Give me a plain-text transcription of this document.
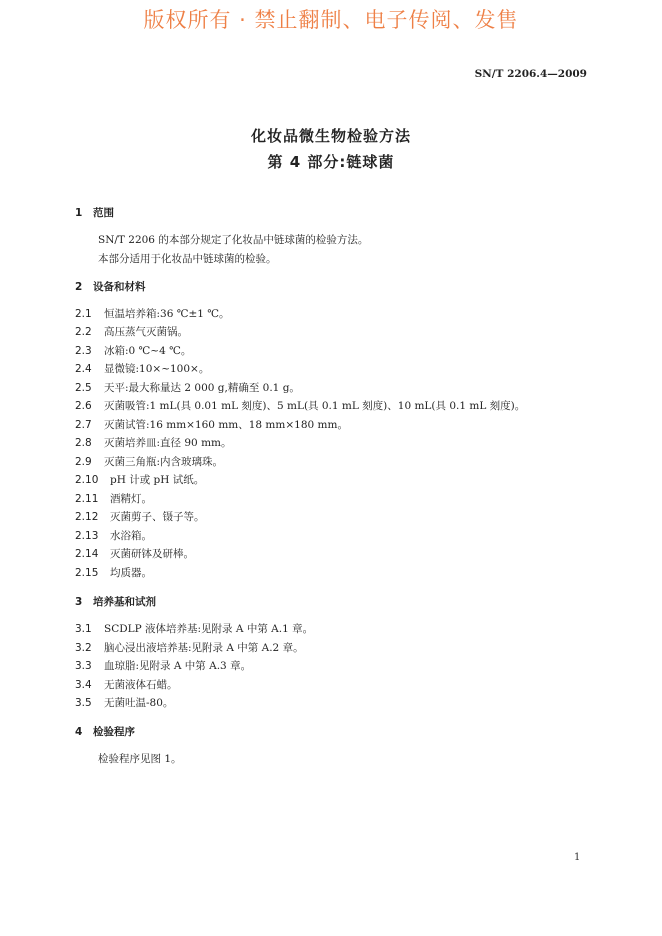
版权所有 · 禁止翻制、电子传阅、发售
SN/T 2206.4—2009
化妆品微生物检验方法
第 4 部分:链球菌
1 范围
SN/T 2206 的本部分规定了化妆品中链球菌的检验方法。
本部分适用于化妆品中链球菌的检验。
2 设备和材料
2.1 恒温培养箱:36 ℃±1 ℃。
2.2 高压蒸气灭菌锅。
2.3 冰箱:0 ℃~4 ℃。
2.4 显微镜:10×~100×。
2.5 天平:最大称量达 2 000 g,精确至 0.1 g。
2.6 灭菌吸管:1 mL(具 0.01 mL 刻度)、5 mL(具 0.1 mL 刻度)、10 mL(具 0.1 mL 刻度)。
2.7 灭菌试管:16 mm×160 mm、18 mm×180 mm。
2.8 灭菌培养皿:直径 90 mm。
2.9 灭菌三角瓶:内含玻璃珠。
2.10 pH 计或 pH 试纸。
2.11 酒精灯。
2.12 灭菌剪子、镊子等。
2.13 水浴箱。
2.14 灭菌研钵及研棒。
2.15 均质器。
3 培养基和试剂
3.1 SCDLP 液体培养基:见附录 A 中第 A.1 章。
3.2 脑心浸出液培养基:见附录 A 中第 A.2 章。
3.3 血琼脂:见附录 A 中第 A.3 章。
3.4 无菌液体石蜡。
3.5 无菌吐温-80。
4 检验程序
检验程序见图 1。
1
